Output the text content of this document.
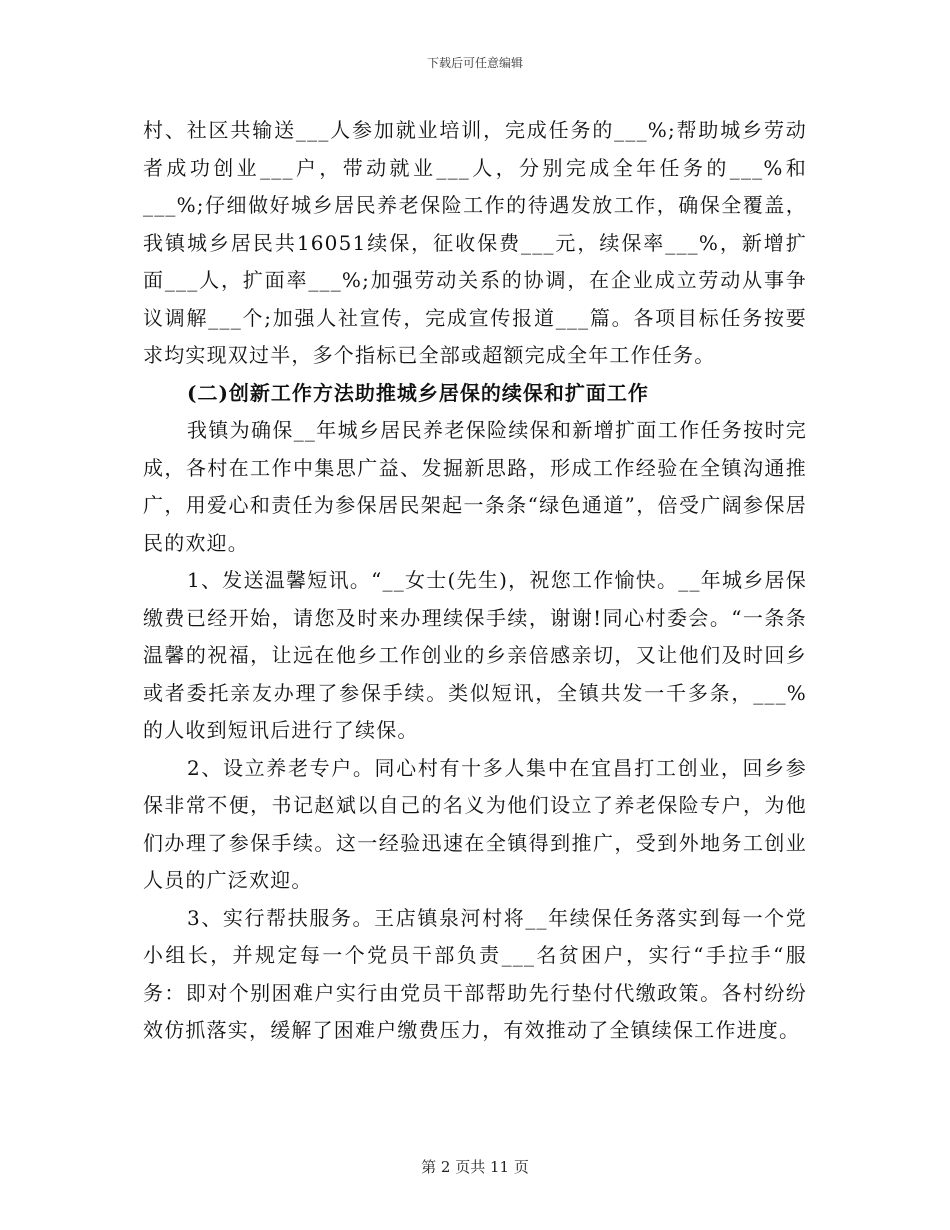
下载后可任意编辑

村、社区共输送___人参加就业培训，完成任务的___%;帮助城乡劳动者成功创业___户，带动就业___人，分别完成全年任务的___%和___%;仔细做好城乡居民养老保险工作的待遇发放工作，确保全覆盖，我镇城乡居民共16051续保，征收保费___元，续保率___%，新增扩面___人，扩面率___%;加强劳动关系的协调，在企业成立劳动从事争议调解___个;加强人社宣传，完成宣传报道___篇。各项目标任务按要求均实现双过半，多个指标已全部或超额完成全年工作任务。

(二)创新工作方法助推城乡居保的续保和扩面工作

我镇为确保__年城乡居民养老保险续保和新增扩面工作任务按时完成，各村在工作中集思广益、发掘新思路，形成工作经验在全镇沟通推广，用爱心和责任为参保居民架起一条条“绿色通道”，倍受广阔参保居民的欢迎。

1、发送温馨短讯。“__女士(先生)，祝您工作愉快。__年城乡居保缴费已经开始，请您及时来办理续保手续，谢谢!同心村委会。“一条条温馨的祝福，让远在他乡工作创业的乡亲倍感亲切，又让他们及时回乡或者委托亲友办理了参保手续。类似短讯，全镇共发一千多条，___%的人收到短讯后进行了续保。

2、设立养老专户。同心村有十多人集中在宜昌打工创业，回乡参保非常不便，书记赵斌以自己的名义为他们设立了养老保险专户，为他们办理了参保手续。这一经验迅速在全镇得到推广，受到外地务工创业人员的广泛欢迎。

3、实行帮扶服务。王店镇泉河村将__年续保任务落实到每一个党小组长，并规定每一个党员干部负责___名贫困户，实行“手拉手“服务：即对个别困难户实行由党员干部帮助先行垫付代缴政策。各村纷纷效仿抓落实，缓解了困难户缴费压力，有效推动了全镇续保工作进度。

第 2 页共 11 页
